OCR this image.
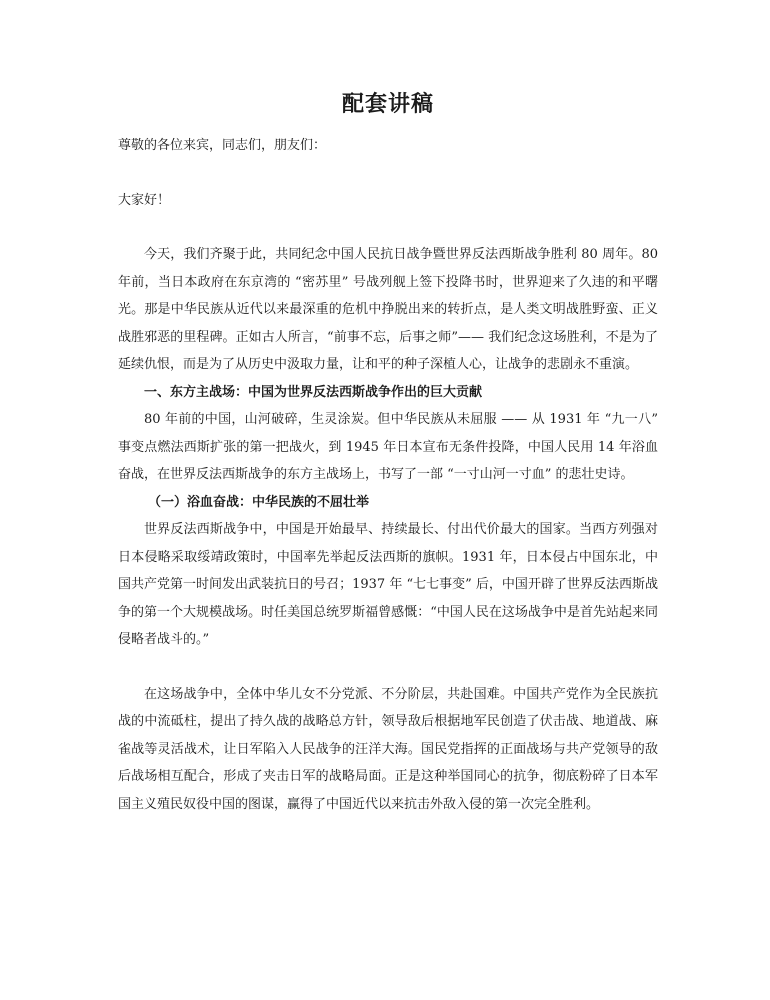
配套讲稿

尊敬的各位来宾，同志们，朋友们：

大家好！

今天，我们齐聚于此，共同纪念中国人民抗日战争暨世界反法西斯战争胜利 80 周年。80 年前，当日本政府在东京湾的 “密苏里” 号战列舰上签下投降书时，世界迎来了久违的和平曙光。那是中华民族从近代以来最深重的危机中挣脱出来的转折点，是人类文明战胜野蛮、正义战胜邪恶的里程碑。正如古人所言，“前事不忘，后事之师”—— 我们纪念这场胜利，不是为了延续仇恨，而是为了从历史中汲取力量，让和平的种子深植人心，让战争的悲剧永不重演。

一、东方主战场：中国为世界反法西斯战争作出的巨大贡献

80 年前的中国，山河破碎，生灵涂炭。但中华民族从未屈服 —— 从 1931 年 “九一八” 事变点燃法西斯扩张的第一把战火，到 1945 年日本宣布无条件投降，中国人民用 14 年浴血奋战，在世界反法西斯战争的东方主战场上，书写了一部 “一寸山河一寸血” 的悲壮史诗。

（一）浴血奋战：中华民族的不屈壮举

世界反法西斯战争中，中国是开始最早、持续最长、付出代价最大的国家。当西方列强对日本侵略采取绥靖政策时，中国率先举起反法西斯的旗帜。1931 年，日本侵占中国东北，中国共产党第一时间发出武装抗日的号召；1937 年 “七七事变” 后，中国开辟了世界反法西斯战争的第一个大规模战场。时任美国总统罗斯福曾感慨：“中国人民在这场战争中是首先站起来同侵略者战斗的。”

在这场战争中，全体中华儿女不分党派、不分阶层，共赴国难。中国共产党作为全民族抗战的中流砥柱，提出了持久战的战略总方针，领导敌后根据地军民创造了伏击战、地道战、麻雀战等灵活战术，让日军陷入人民战争的汪洋大海。国民党指挥的正面战场与共产党领导的敌后战场相互配合，形成了夹击日军的战略局面。正是这种举国同心的抗争，彻底粉碎了日本军国主义殖民奴役中国的图谋，赢得了中国近代以来抗击外敌入侵的第一次完全胜利。
